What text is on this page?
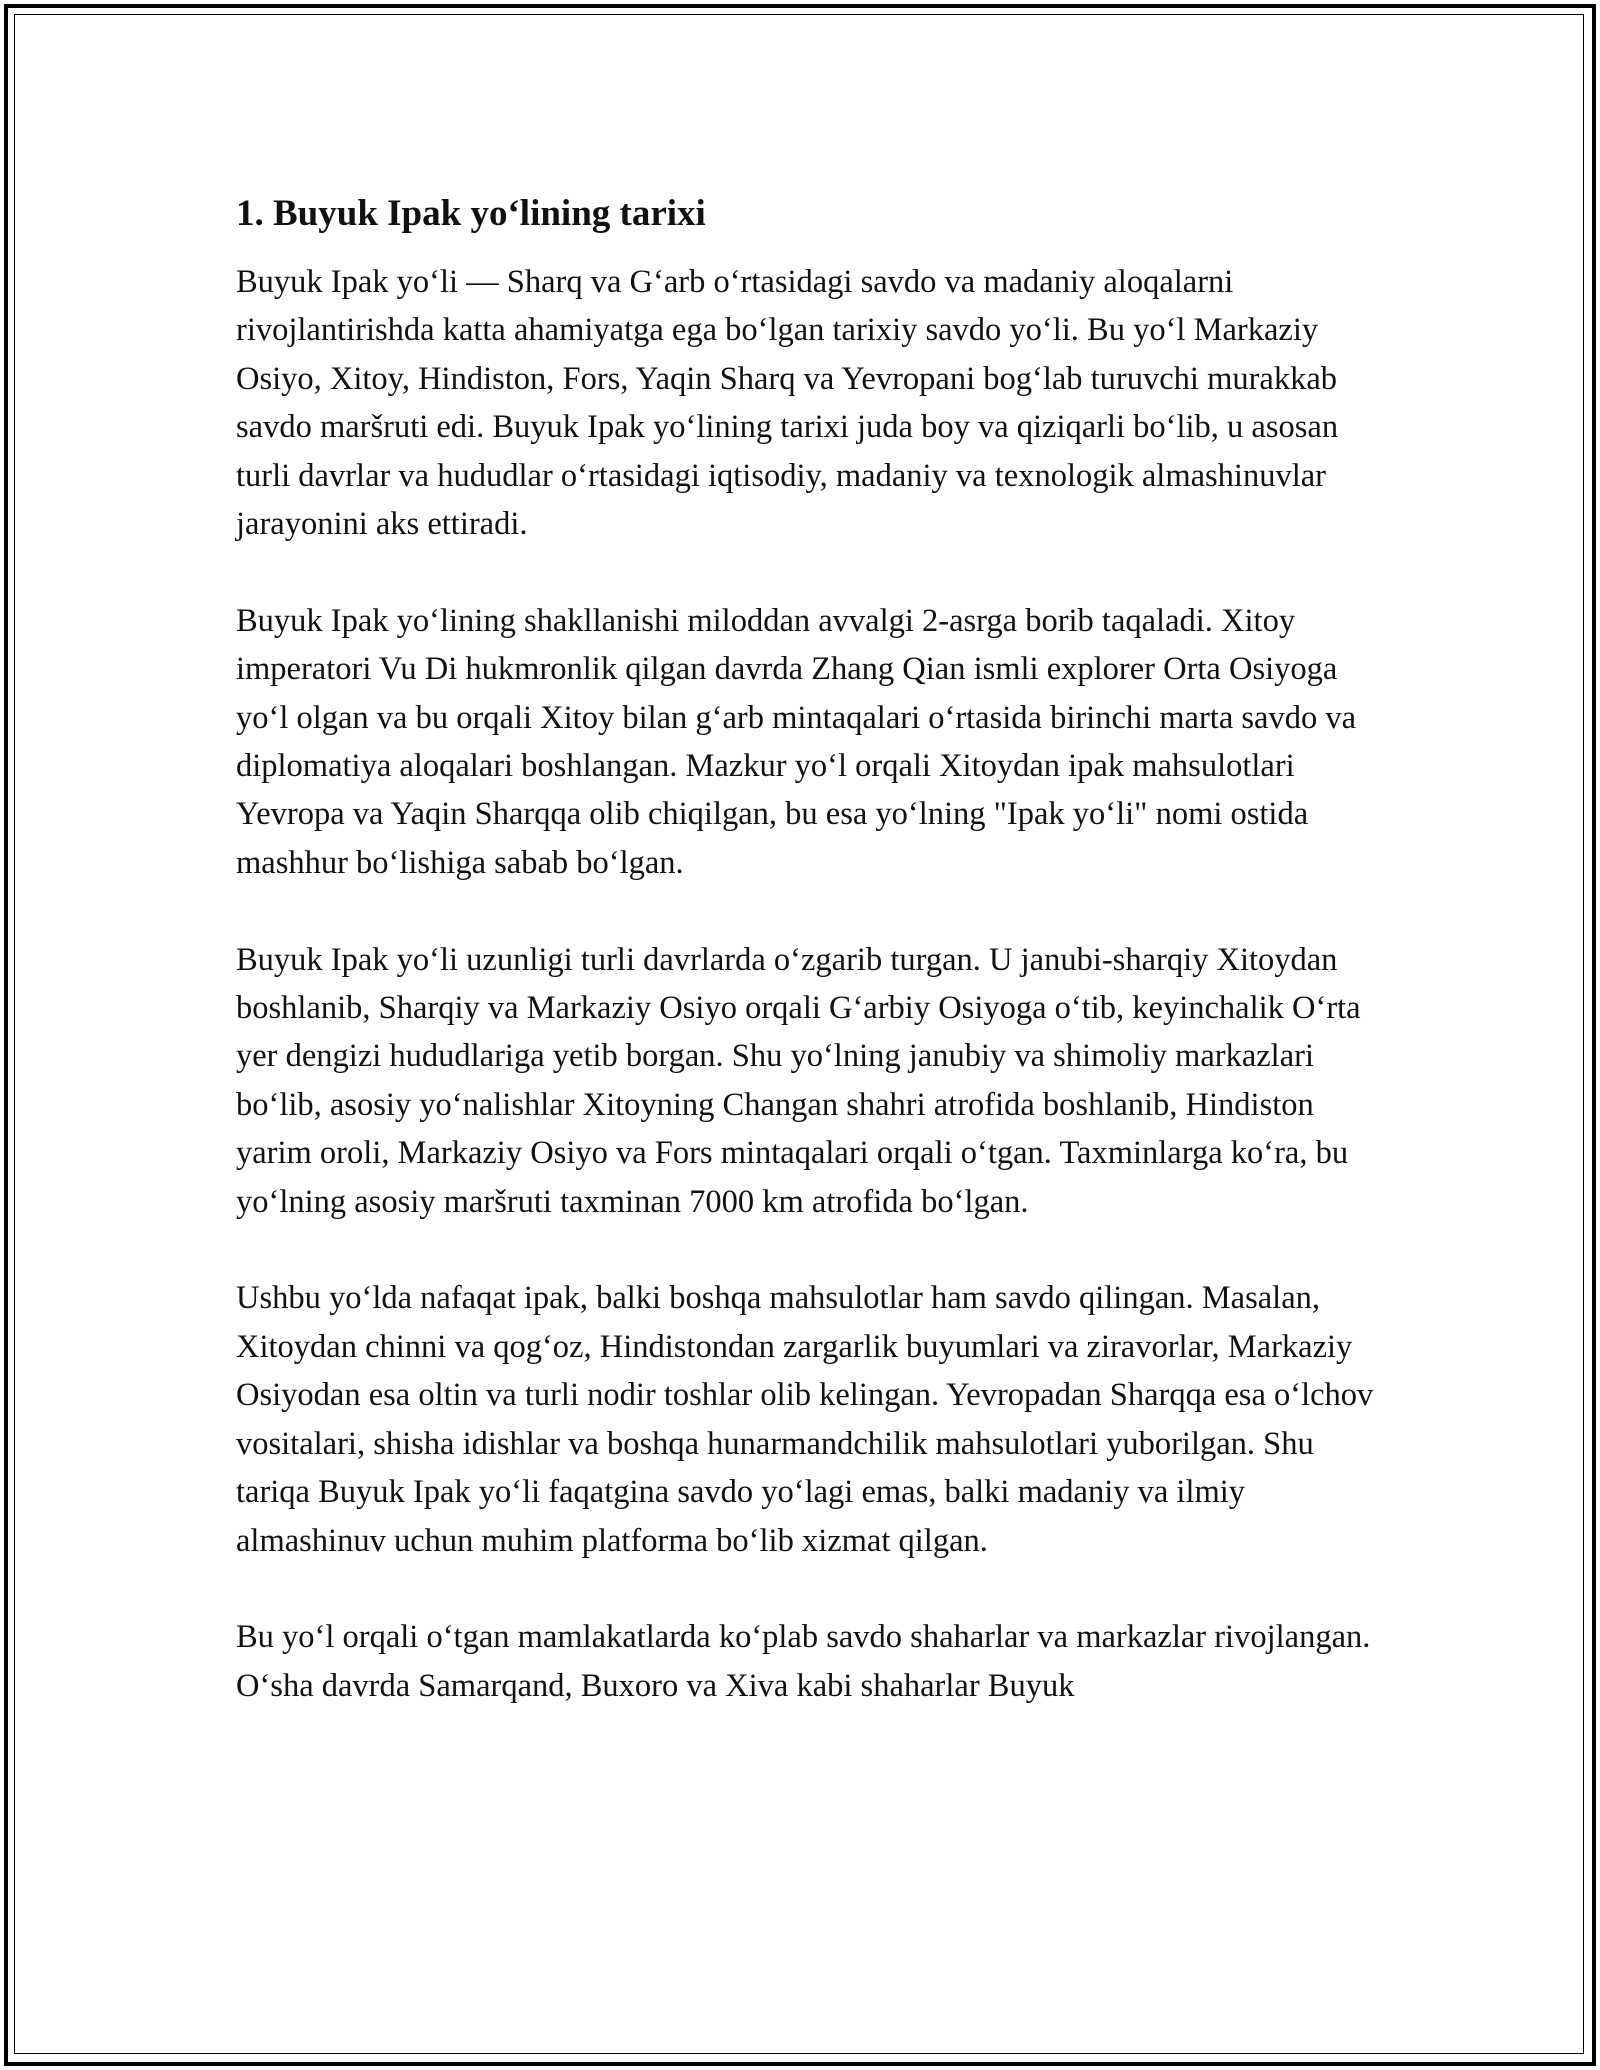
1. Buyuk Ipak yo‘lining tarixi

Buyuk Ipak yo‘li — Sharq va G‘arb o‘rtasidagi savdo va madaniy aloqalarni rivojlantirishda katta ahamiyatga ega bo‘lgan tarixiy savdo yo‘li. Bu yo‘l Markaziy Osiyo, Xitoy, Hindiston, Fors, Yaqin Sharq va Yevropani bog‘lab turuvchi murakkab savdo maršruti edi. Buyuk Ipak yo‘lining tarixi juda boy va qiziqarli bo‘lib, u asosan turli davrlar va hududlar o‘rtasidagi iqtisodiy, madaniy va texnologik almashinuvlar jarayonini aks ettiradi.

Buyuk Ipak yo‘lining shakllanishi miloddan avvalgi 2-asrga borib taqaladi. Xitoy imperatori Vu Di hukmronlik qilgan davrda Zhang Qian ismli explorer Orta Osiyoga yo‘l olgan va bu orqali Xitoy bilan g‘arb mintaqalari o‘rtasida birinchi marta savdo va diplomatiya aloqalari boshlangan. Mazkur yo‘l orqali Xitoydan ipak mahsulotlari Yevropa va Yaqin Sharqqa olib chiqilgan, bu esa yo‘lning "Ipak yo‘li" nomi ostida mashhur bo‘lishiga sabab bo‘lgan.

Buyuk Ipak yo‘li uzunligi turli davrlarda o‘zgarib turgan. U janubi-sharqiy Xitoydan boshlanib, Sharqiy va Markaziy Osiyo orqali G‘arbiy Osiyoga o‘tib, keyinchalik O‘rta yer dengizi hududlariga yetib borgan. Shu yo‘lning janubiy va shimoliy markazlari bo‘lib, asosiy yo‘nalishlar Xitoyning Changan shahri atrofida boshlanib, Hindiston yarim oroli, Markaziy Osiyo va Fors mintaqalari orqali o‘tgan. Taxminlarga ko‘ra, bu yo‘lning asosiy maršruti taxminan 7000 km atrofida bo‘lgan.

Ushbu yo‘lda nafaqat ipak, balki boshqa mahsulotlar ham savdo qilingan. Masalan, Xitoydan chinni va qog‘oz, Hindistondan zargarlik buyumlari va ziravorlar, Markaziy Osiyodan esa oltin va turli nodir toshlar olib kelingan. Yevropadan Sharqqa esa o‘lchov vositalari, shisha idishlar va boshqa hunarmandchilik mahsulotlari yuborilgan. Shu tariqa Buyuk Ipak yo‘li faqatgina savdo yo‘lagi emas, balki madaniy va ilmiy almashinuv uchun muhim platforma bo‘lib xizmat qilgan.

Bu yo‘l orqali o‘tgan mamlakatlarda ko‘plab savdo shaharlar va markazlar rivojlangan. O‘sha davrda Samarqand, Buxoro va Xiva kabi shaharlar Buyuk
